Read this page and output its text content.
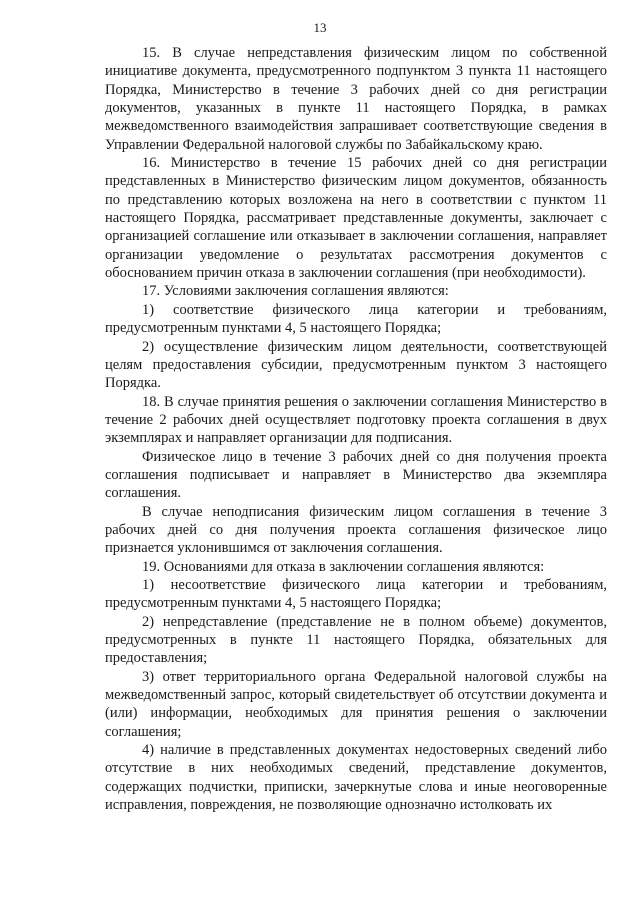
13

15. В случае непредставления физическим лицом по собственной инициативе документа, предусмотренного подпунктом 3 пункта 11 настоящего Порядка, Министерство в течение 3 рабочих дней со дня регистрации документов, указанных в пункте 11 настоящего Порядка, в рамках межведомственного взаимодействия запрашивает соответствующие сведения в Управлении Федеральной налоговой службы по Забайкальскому краю.

16. Министерство в течение 15 рабочих дней со дня регистрации представленных в Министерство физическим лицом документов, обязанность по представлению которых возложена на него в соответствии с пунктом 11 настоящего Порядка, рассматривает представленные документы, заключает с организацией соглашение или отказывает в заключении соглашения, направляет организации уведомление о результатах рассмотрения документов с обоснованием причин отказа в заключении соглашения (при необходимости).

17. Условиями заключения соглашения являются:

1) соответствие физического лица категории и требованиям, предусмотренным пунктами 4, 5 настоящего Порядка;

2) осуществление физическим лицом деятельности, соответствующей целям предоставления субсидии, предусмотренным пунктом 3 настоящего Порядка.

18. В случае принятия решения о заключении соглашения Министерство в течение 2 рабочих дней осуществляет подготовку проекта соглашения в двух экземплярах и направляет организации для подписания.

Физическое лицо в течение 3 рабочих дней со дня получения проекта соглашения подписывает и направляет в Министерство два экземпляра соглашения.

В случае неподписания физическим лицом соглашения в течение 3 рабочих дней со дня получения проекта соглашения физическое лицо признается уклонившимся от заключения соглашения.

19. Основаниями для отказа в заключении соглашения являются:

1) несоответствие физического лица категории и требованиям, предусмотренным пунктами 4, 5 настоящего Порядка;

2) непредставление (представление не в полном объеме) документов, предусмотренных в пункте 11 настоящего Порядка, обязательных для предоставления;

3) ответ территориального органа Федеральной налоговой службы на межведомственный запрос, который свидетельствует об отсутствии документа и (или) информации, необходимых для принятия решения о заключении соглашения;

4) наличие в представленных документах недостоверных сведений либо отсутствие в них необходимых сведений, представление документов, содержащих подчистки, приписки, зачеркнутые слова и иные неоговоренные исправления, повреждения, не позволяющие однозначно истолковать их
